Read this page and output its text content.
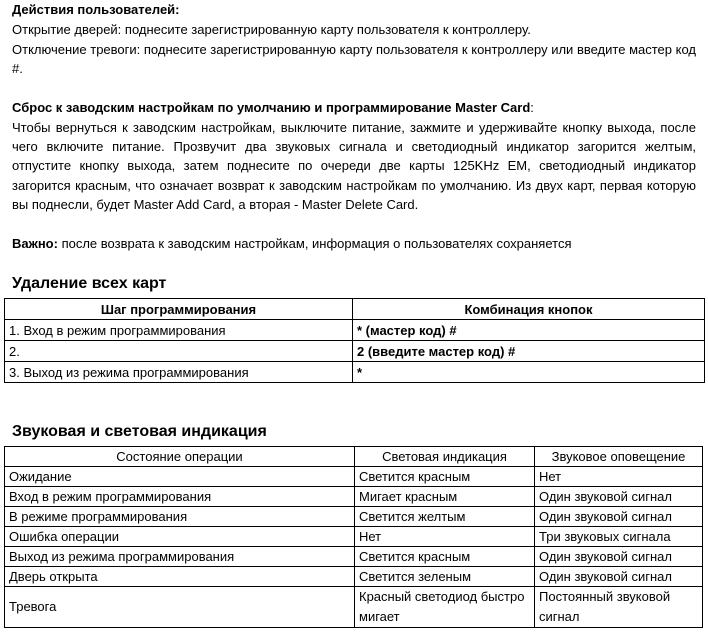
Действия пользователей:

Открытие дверей: поднесите зарегистрированную карту пользователя к контроллеру.

Отключение тревоги: поднесите зарегистрированную карту пользователя к контроллеру или введите мастер код #.

Сброс к заводским настройкам по умолчанию и программирование Master Card:

Чтобы вернуться к заводским настройкам, выключите питание, зажмите и удерживайте кнопку выхода, после чего включите питание. Прозвучит два звуковых сигнала и светодиодный индикатор загорится желтым, отпустите кнопку выхода, затем поднесите по очереди две карты 125KHz EM, светодиодный индикатор загорится красным, что означает возврат к заводским настройкам по умолчанию. Из двух карт, первая которую вы поднесли, будет Master Add Card, а вторая - Master Delete Card.

Важно: после возврата к заводским настройкам, информация о пользователях сохраняется

Удаление всех карт

Шаг программирования	Комбинация кнопок
1. Вход в режим программирования	* (мастер код) #
2.	2 (введите мастер код) #
3. Выход из режима программирования	*

Звуковая и световая индикация

Состояние операции	Световая индикация	Звуковое оповещение
Ожидание	Светится красным	Нет
Вход в режим программирования	Мигает красным	Один звуковой сигнал
В режиме программирования	Светится желтым	Один звуковой сигнал
Ошибка операции	Нет	Три звуковых сигнала
Выход из режима программирования	Светится красным	Один звуковой сигнал
Дверь открыта	Светится зеленым	Один звуковой сигнал
Тревога	Красный светодиод быстро мигает	Постоянный звуковой сигнал
